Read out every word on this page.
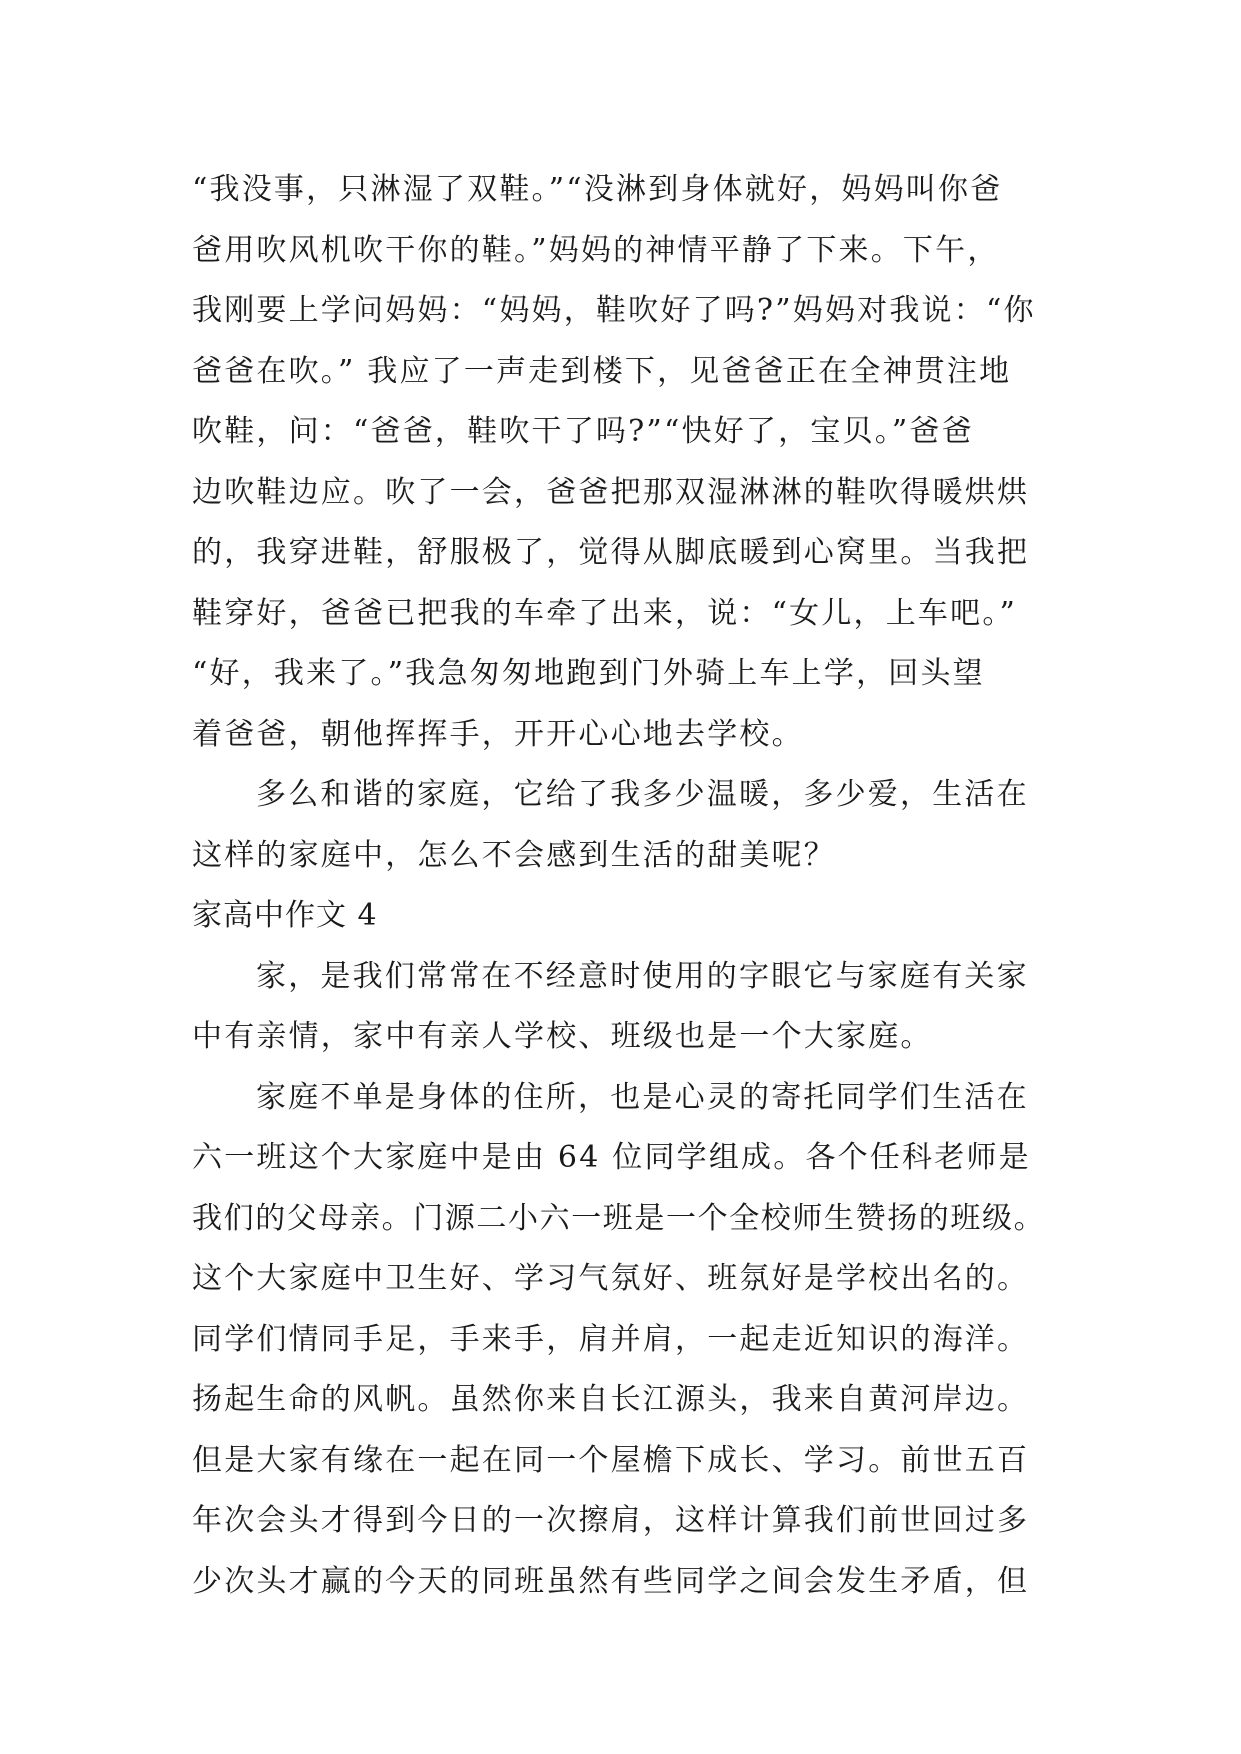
“我没事，只淋湿了双鞋。”“没淋到身体就好，妈妈叫你爸
爸用吹风机吹干你的鞋。”妈妈的神情平静了下来。下午，
我刚要上学问妈妈：“妈妈，鞋吹好了吗?”妈妈对我说：“你
爸爸在吹。” 我应了一声走到楼下，见爸爸正在全神贯注地
吹鞋，问：“爸爸，鞋吹干了吗?”“快好了，宝贝。”爸爸
边吹鞋边应。吹了一会，爸爸把那双湿淋淋的鞋吹得暖烘烘
的，我穿进鞋，舒服极了，觉得从脚底暖到心窝里。当我把
鞋穿好，爸爸已把我的车牵了出来，说：“女儿，上车吧。”
“好，我来了。”我急匆匆地跑到门外骑上车上学，回头望
着爸爸，朝他挥挥手，开开心心地去学校。
多么和谐的家庭，它给了我多少温暖，多少爱，生活在
这样的家庭中，怎么不会感到生活的甜美呢？
家高中作文 4
家，是我们常常在不经意时使用的字眼它与家庭有关家
中有亲情，家中有亲人学校、班级也是一个大家庭。
家庭不单是身体的住所，也是心灵的寄托同学们生活在
六一班这个大家庭中是由 64 位同学组成。各个任科老师是
我们的父母亲。门源二小六一班是一个全校师生赞扬的班级。
这个大家庭中卫生好、学习气氛好、班氛好是学校出名的。
同学们情同手足，手来手，肩并肩，一起走近知识的海洋。
扬起生命的风帆。虽然你来自长江源头，我来自黄河岸边。
但是大家有缘在一起在同一个屋檐下成长、学习。前世五百
年次会头才得到今日的一次擦肩，这样计算我们前世回过多
少次头才赢的今天的同班虽然有些同学之间会发生矛盾，但
